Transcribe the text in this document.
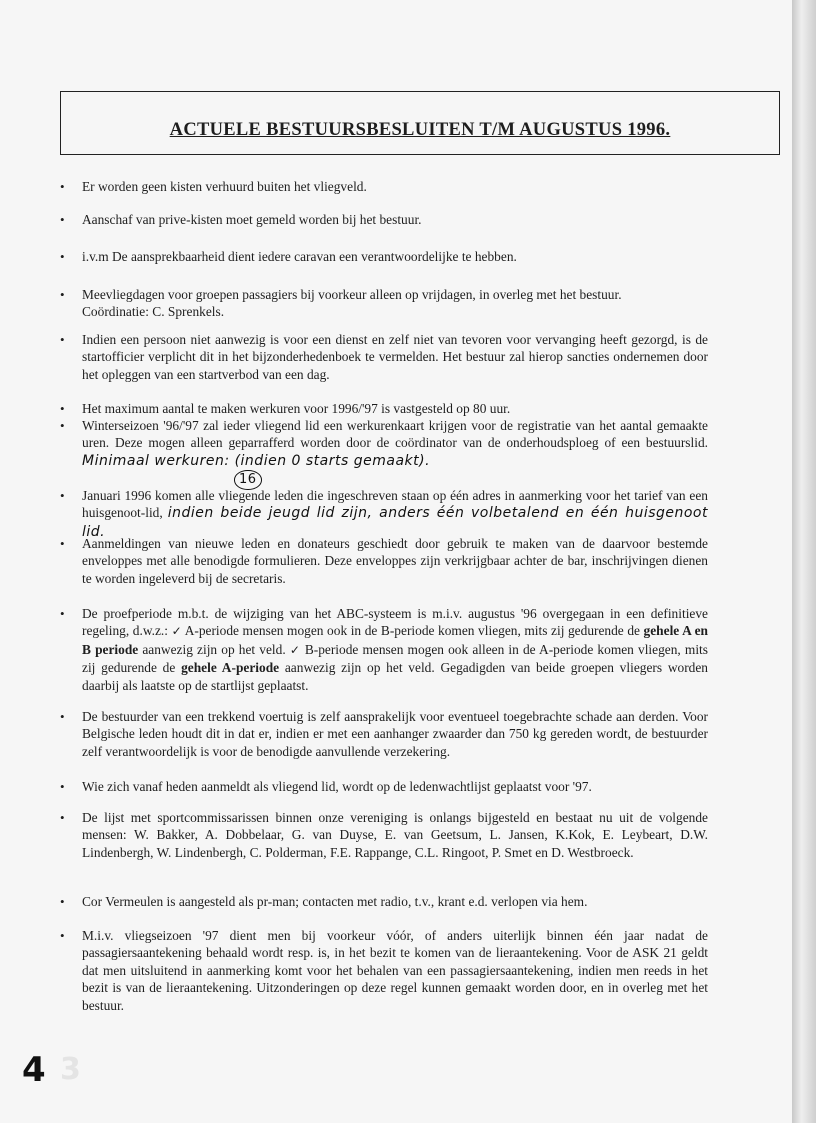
ACTUELE BESTUURSBESLUITEN T/M AUGUSTUS 1996.
• Er worden geen kisten verhuurd buiten het vliegveld.
• Aanschaf van prive-kisten moet gemeld worden bij het bestuur.
• i.v.m De aansprekbaarheid dient iedere caravan een verantwoordelijke te hebben.
• Meevliegdagen voor groepen passagiers bij voorkeur alleen op vrijdagen, in overleg met het bestuur.
Coördinatie: C. Sprenkels.
• Indien een persoon niet aanwezig is voor een dienst en zelf niet van tevoren voor vervanging heeft gezorgd, is de startofficier verplicht dit in het bijzonderhedenboek te vermelden. Het bestuur zal hierop sancties ondernemen door het opleggen van een startverbod van een dag.
• Het maximum aantal te maken werkuren voor 1996/'97 is vastgesteld op 80 uur.
• Winterseizoen '96/'97 zal ieder vliegend lid een werkurenkaart krijgen voor de registratie van het aantal gemaakte uren. Deze mogen alleen geparrafferd worden door de coördinator van de onderhoudsploeg of een bestuurslid. Minimaal werkuren: (indien 0 starts gemaakt).
16
• Januari 1996 komen alle vliegende leden die ingeschreven staan op één adres in aanmerking voor het tarief van een huisgenoot-lid, indien beide jeugd lid zijn, anders één volbetalend en één huisgenoot lid.
• Aanmeldingen van nieuwe leden en donateurs geschiedt door gebruik te maken van de daarvoor bestemde enveloppes met alle benodigde formulieren. Deze enveloppes zijn verkrijgbaar achter de bar, inschrijvingen dienen te worden ingeleverd bij de secretaris.
• De proefperiode m.b.t. de wijziging van het ABC-systeem is m.i.v. augustus '96 overgegaan in een definitieve regeling, d.w.z.: ✓ A-periode mensen mogen ook in de B-periode komen vliegen, mits zij gedurende de gehele A en B periode aanwezig zijn op het veld. ✓ B-periode mensen mogen ook alleen in de A-periode komen vliegen, mits zij gedurende de gehele A-periode aanwezig zijn op het veld. Gegadigden van beide groepen vliegers worden daarbij als laatste op de startlijst geplaatst.
• De bestuurder van een trekkend voertuig is zelf aansprakelijk voor eventueel toegebrachte schade aan derden. Voor Belgische leden houdt dit in dat er, indien er met een aanhanger zwaarder dan 750 kg gereden wordt, de bestuurder zelf verantwoordelijk is voor de benodigde aanvullende verzekering.
• Wie zich vanaf heden aanmeldt als vliegend lid, wordt op de ledenwachtlijst geplaatst voor '97.
• De lijst met sportcommissarissen binnen onze vereniging is onlangs bijgesteld en bestaat nu uit de volgende mensen: W. Bakker, A. Dobbelaar, G. van Duyse, E. van Geetsum, L. Jansen, K.Kok, E. Leybeart, D.W. Lindenbergh, W. Lindenbergh, C. Polderman, F.E. Rappange, C.L. Ringoot, P. Smet en D. Westbroeck.
• Cor Vermeulen is aangesteld als pr-man; contacten met radio, t.v., krant e.d. verlopen via hem.
• M.i.v. vliegseizoen '97 dient men bij voorkeur vóór, of anders uiterlijk binnen één jaar nadat de passagiersaantekening behaald wordt resp. is, in het bezit te komen van de lieraantekening. Voor de ASK 21 geldt dat men uitsluitend in aanmerking komt voor het behalen van een passagiersaantekening, indien men reeds in het bezit is van de lieraantekening. Uitzonderingen op deze regel kunnen gemaakt worden door, en in overleg met het bestuur.
3
4
